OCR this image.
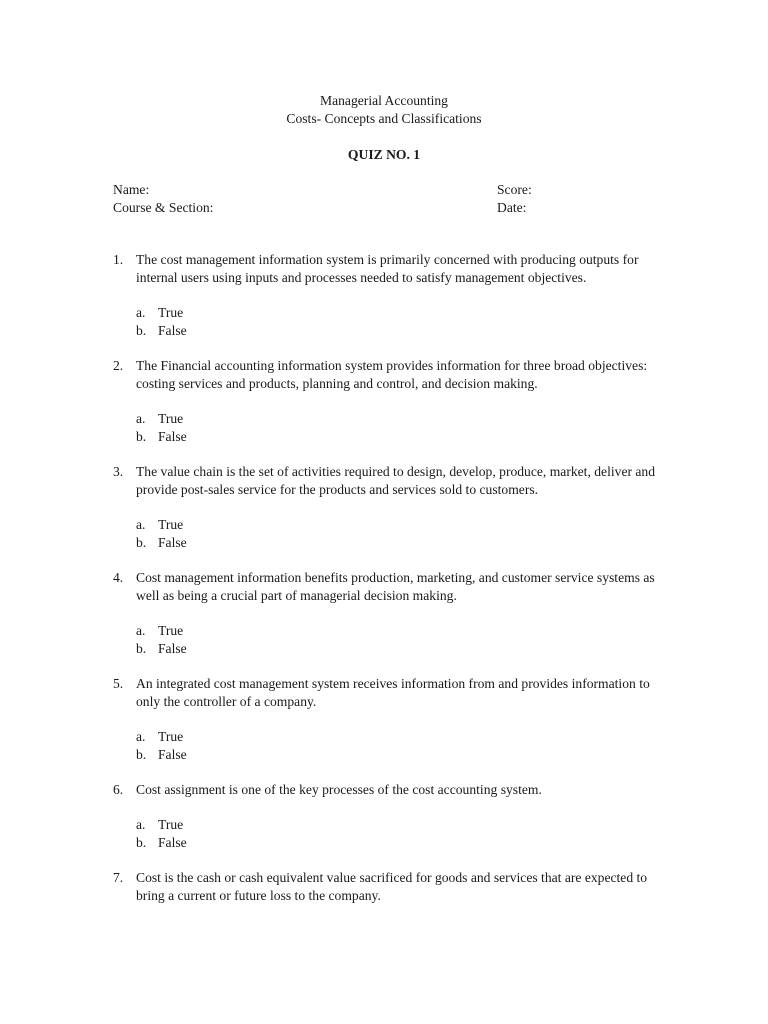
Managerial Accounting

Costs- Concepts and Classifications

QUIZ NO. 1

Name:
Course & Section:
Score:
Date:
1. The cost management information system is primarily concerned with producing outputs for
internal users using inputs and processes needed to satisfy management objectives.
a. True
b. False
2. The Financial accounting information system provides information for three broad objectives:
costing services and products, planning and control, and decision making.
a. True
b. False
3. The value chain is the set of activities required to design, develop, produce, market, deliver and
provide post-sales service for the products and services sold to customers.
a. True
b. False
4. Cost management information benefits production, marketing, and customer service systems as
well as being a crucial part of managerial decision making.
a. True
b. False
5. An integrated cost management system receives information from and provides information to
only the controller of a company.
a. True
b. False
6. Cost assignment is one of the key processes of the cost accounting system.
a. True
b. False
7. Cost is the cash or cash equivalent value sacrificed for goods and services that are expected to
bring a current or future loss to the company.
